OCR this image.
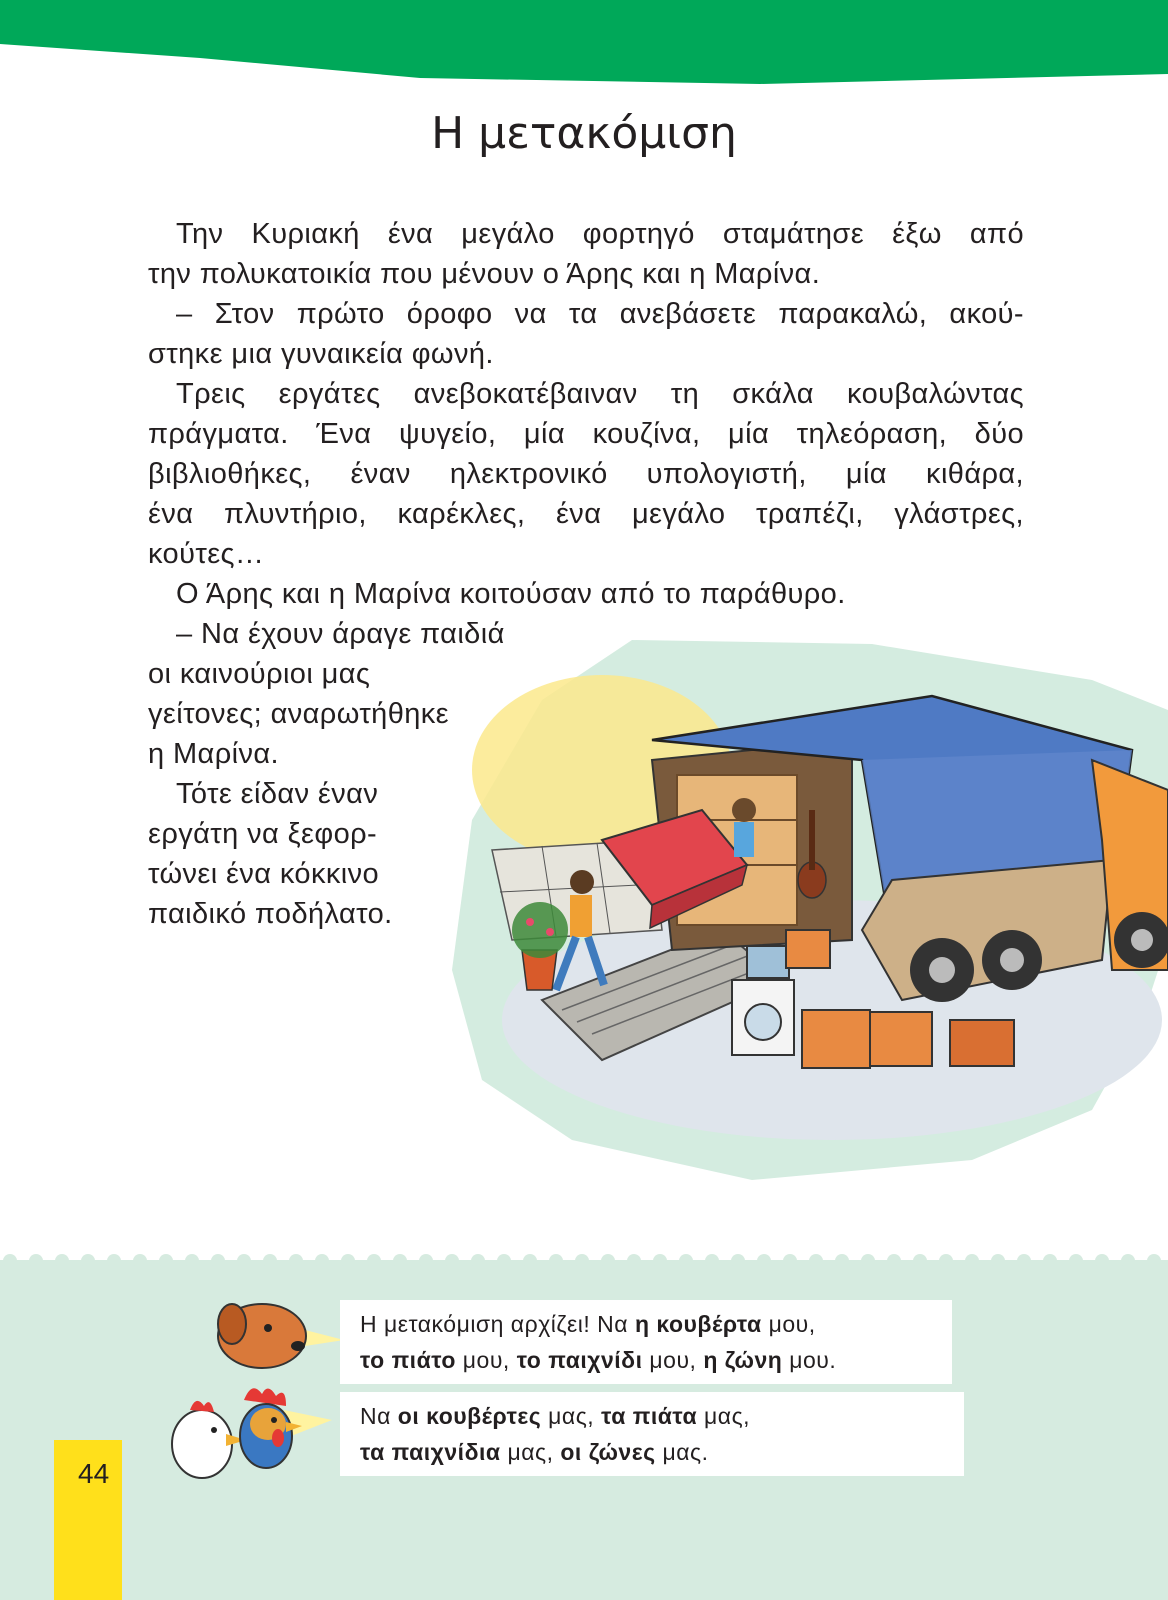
Η μετακόμιση
Την Κυριακή ένα μεγάλο φορτηγό σταμάτησε έξω από
την πολυκατοικία που μένουν ο Άρης και η Μαρίνα.
– Στον πρώτο όροφο να τα ανεβάσετε παρακαλώ, ακού-
στηκε μια γυναικεία φωνή.
Τρεις εργάτες ανεβοκατέβαιναν τη σκάλα κουβαλώντας
πράγματα. Ένα ψυγείο, μία κουζίνα, μία τηλεόραση, δύο
βιβλιοθήκες, έναν ηλεκτρονικό υπολογιστή, μία κιθάρα,
ένα πλυντήριο, καρέκλες, ένα μεγάλο τραπέζι, γλάστρες,
κούτες…
Ο Άρης και η Μαρίνα κοιτούσαν από το παράθυρο.
– Να έχουν άραγε παιδιά
οι καινούριοι μας
γείτονες; αναρωτήθηκε
η Μαρίνα.
Τότε είδαν έναν
εργάτη να ξεφορ-
τώνει ένα κόκκινο
παιδικό ποδήλατο.
44
Η μετακόμιση αρχίζει! Να η κουβέρτα μου,
το πιάτο μου, το παιχνίδι μου, η ζώνη μου.
Να οι κουβέρτες μας, τα πιάτα μας,
τα παιχνίδια μας, οι ζώνες μας.
